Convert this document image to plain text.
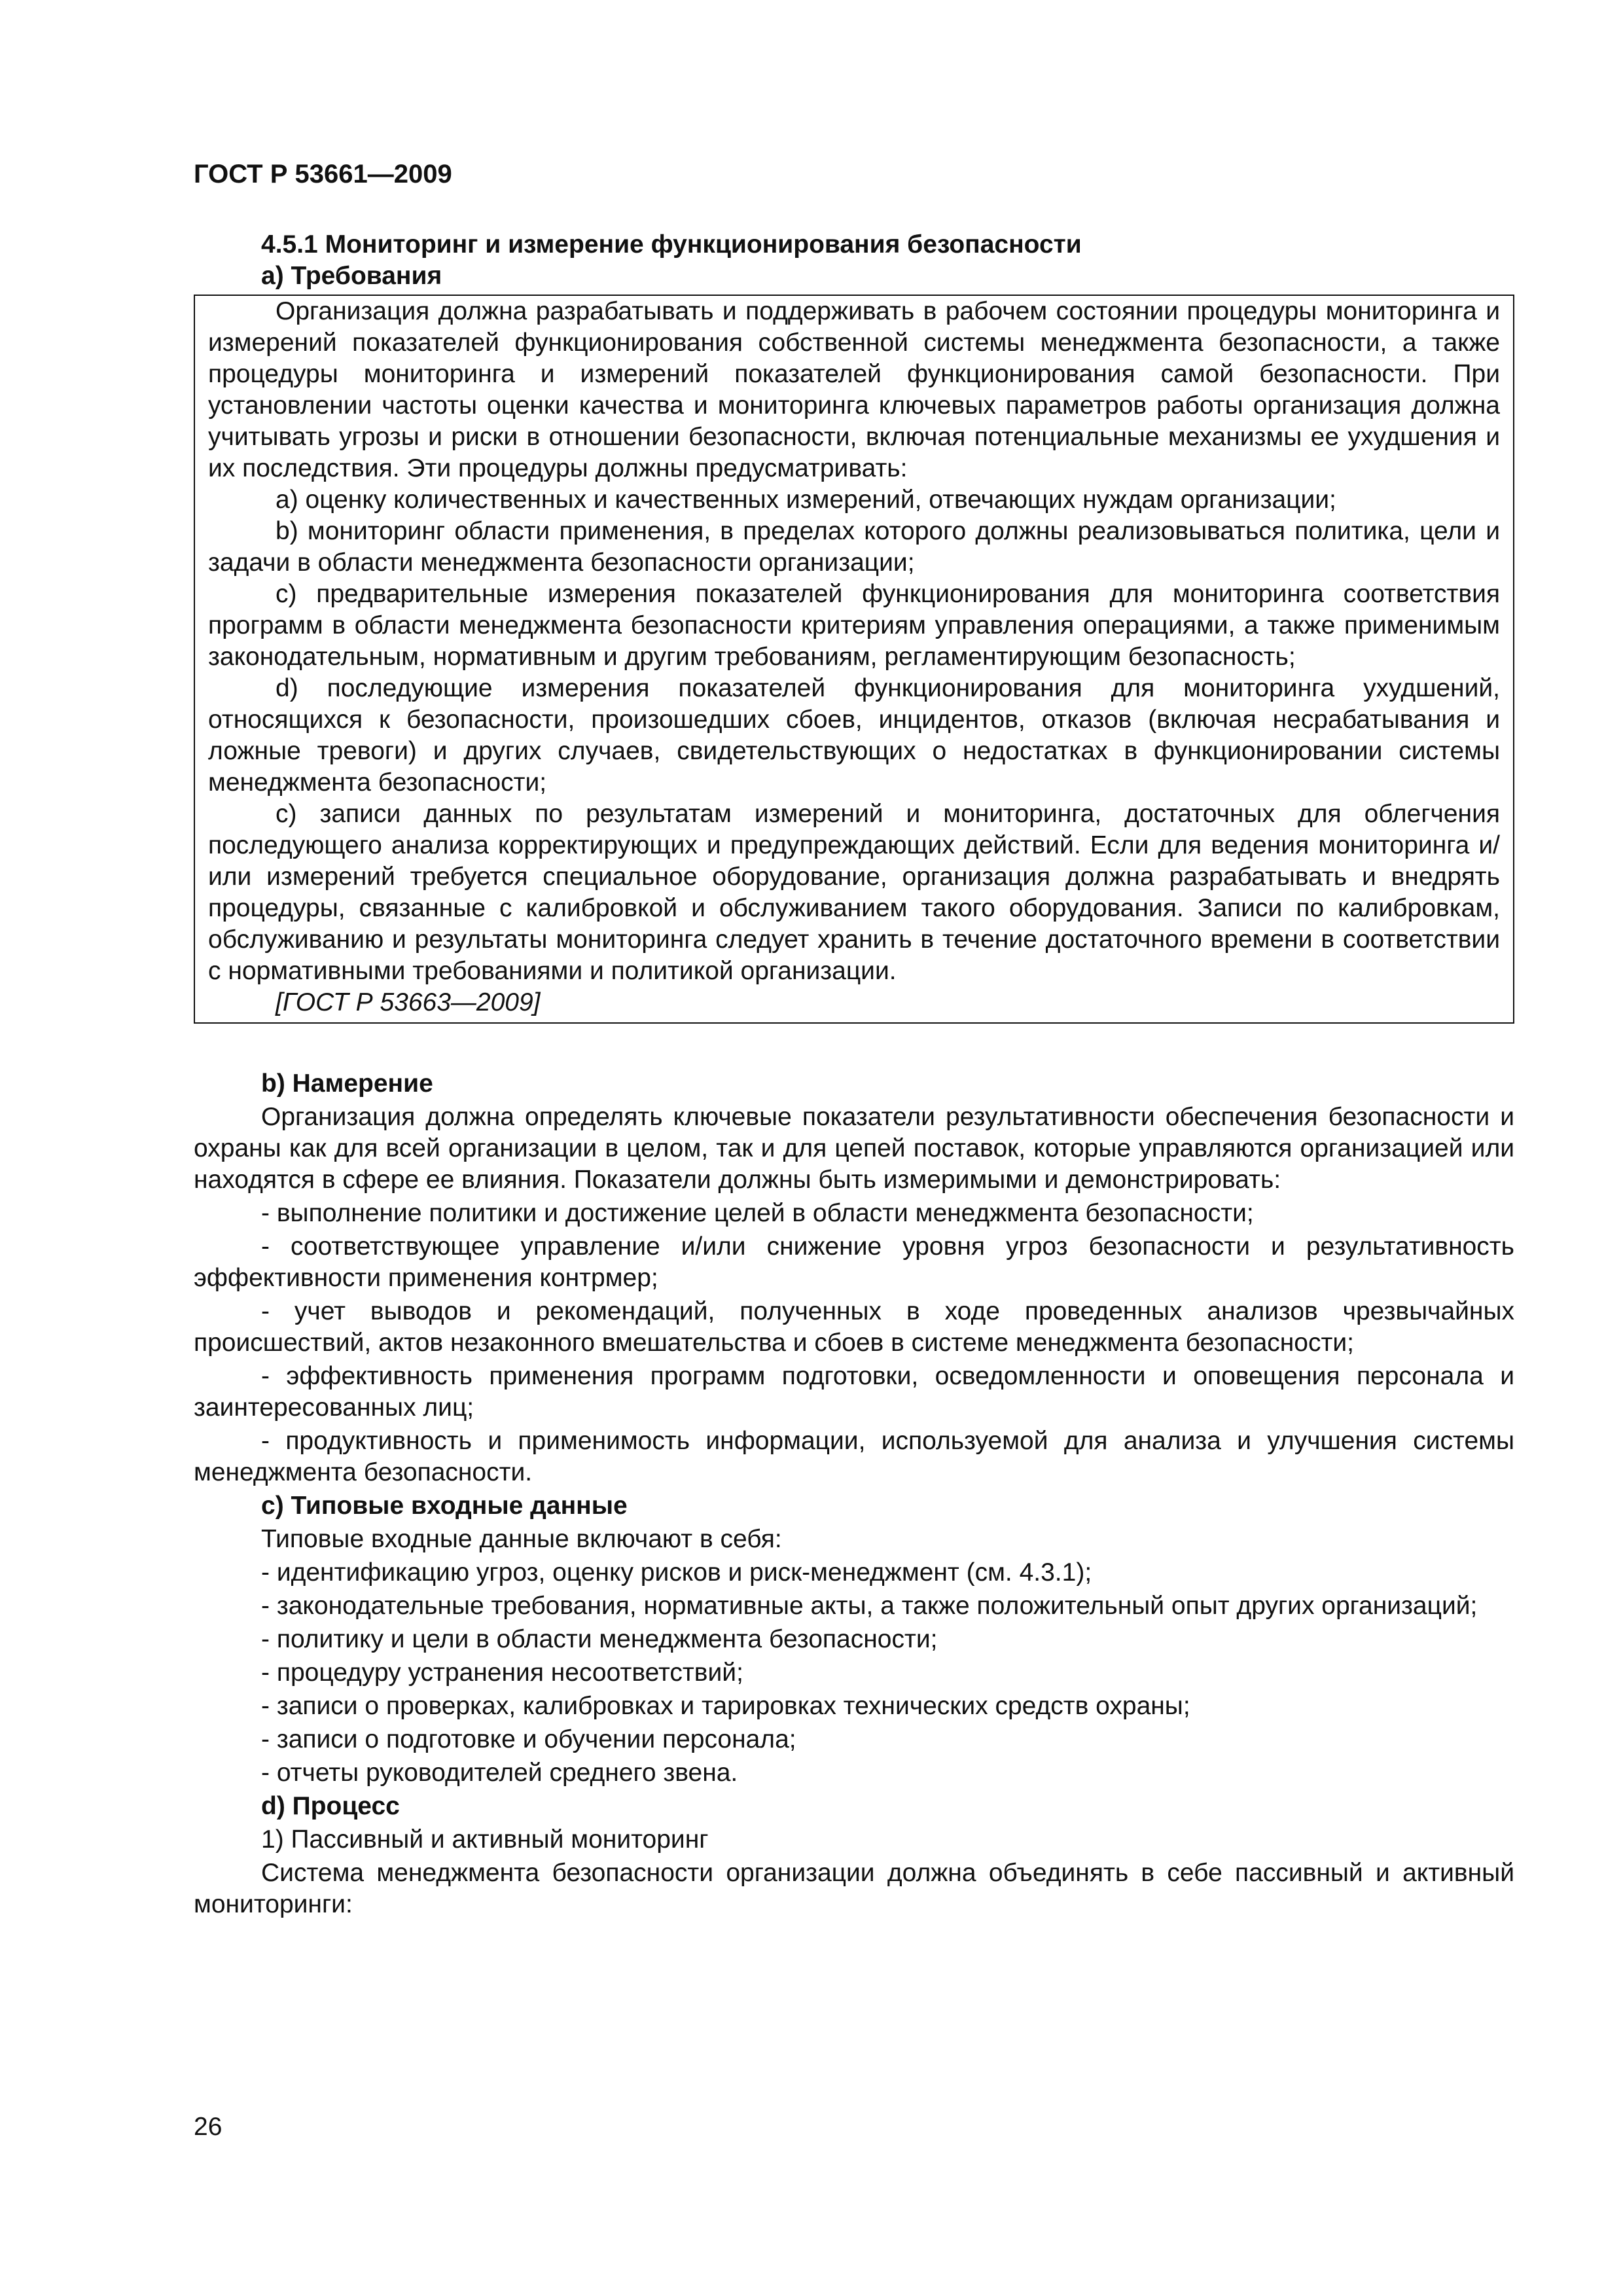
ГОСТ Р 53661—2009

4.5.1 Мониторинг и измерение функционирования безопасности

а) Требования

Организация должна разрабатывать и поддерживать в рабочем состоянии процедуры мониторинга и измерений показателей функционирования собственной системы менеджмента безопасности, а также процедуры мониторинга и измерений показателей функционирования самой безопасности. При установлении частоты оценки качества и мониторинга ключевых параметров работы организация должна учитывать угрозы и риски в отношении безопасности, включая потенциальные механизмы ее ухудшения и их последствия. Эти процедуры должны предусматривать:

а) оценку количественных и качественных измерений, отвечающих нуждам организации;

b) мониторинг области применения, в пределах которого должны реализовываться политика, цели и задачи в области менеджмента безопасности организации;

с) предварительные измерения показателей функционирования для мониторинга соответствия программ в области менеджмента безопасности критериям управления операциями, а также применимым законодательным, нормативным и другим требованиям, регламентирующим безопасность;

d) последующие измерения показателей функционирования для мониторинга ухудшений, относящихся к безопасности, произошедших сбоев, инцидентов, отказов (включая несрабатывания и ложные тревоги) и других случаев, свидетельствующих о недостатках в функционировании системы менеджмента безопасности;

с) записи данных по результатам измерений и мониторинга, достаточных для облегчения последующего анализа корректирующих и предупреждающих действий. Если для ведения мониторинга и/или измерений требуется специальное оборудование, организация должна разрабатывать и внедрять процедуры, связанные с калибровкой и обслуживанием такого оборудования. Записи по калибровкам, обслуживанию и результаты мониторинга следует хранить в течение достаточного времени в соответствии с нормативными требованиями и политикой организации.

[ГОСТ Р 53663—2009]

b) Намерение

Организация должна определять ключевые показатели результативности обеспечения безопасности и охраны как для всей организации в целом, так и для цепей поставок, которые управляются организацией или находятся в сфере ее влияния. Показатели должны быть измеримыми и демонстрировать:

- выполнение политики и достижение целей в области менеджмента безопасности;

- соответствующее управление и/или снижение уровня угроз безопасности и результативность эффективности применения контрмер;

- учет выводов и рекомендаций, полученных в ходе проведенных анализов чрезвычайных происшествий, актов незаконного вмешательства и сбоев в системе менеджмента безопасности;

- эффективность применения программ подготовки, осведомленности и оповещения персонала и заинтересованных лиц;

- продуктивность и применимость информации, используемой для анализа и улучшения системы менеджмента безопасности.

с) Типовые входные данные

Типовые входные данные включают в себя:

- идентификацию угроз, оценку рисков и риск-менеджмент (см. 4.3.1);

- законодательные требования, нормативные акты, а также положительный опыт других организаций;

- политику и цели в области менеджмента безопасности;

- процедуру устранения несоответствий;

- записи о проверках, калибровках и тарировках технических средств охраны;

- записи о подготовке и обучении персонала;

- отчеты руководителей среднего звена.

d) Процесс

1) Пассивный и активный мониторинг

Система менеджмента безопасности организации должна объединять в себе пассивный и активный мониторинги:

26
